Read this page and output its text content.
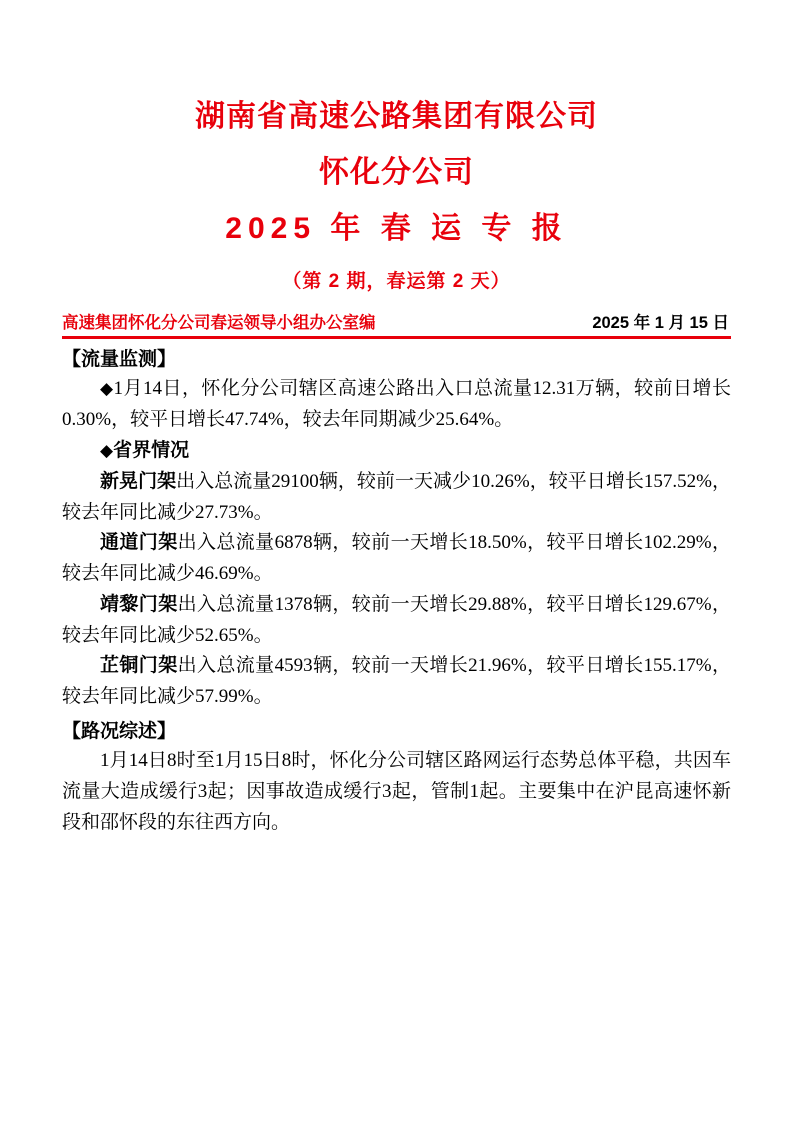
湖南省高速公路集团有限公司
怀化分公司
2025 年 春 运 专 报
（第 2 期，春运第 2 天）
高速集团怀化分公司春运领导小组办公室编	2025 年 1 月 15 日
【流量监测】

◆1月14日，怀化分公司辖区高速公路出入口总流量12.31万辆，较前日增长0.30%，较平日增长47.74%，较去年同期减少25.64%。

◆省界情况

新晃门架出入总流量29100辆，较前一天减少10.26%，较平日增长157.52%，较去年同比减少27.73%。

通道门架出入总流量6878辆，较前一天增长18.50%，较平日增长102.29%，较去年同比减少46.69%。

靖黎门架出入总流量1378辆，较前一天增长29.88%，较平日增长129.67%，较去年同比减少52.65%。

芷铜门架出入总流量4593辆，较前一天增长21.96%，较平日增长155.17%，较去年同比减少57.99%。

【路况综述】

1月14日8时至1月15日8时，怀化分公司辖区路网运行态势总体平稳，共因车流量大造成缓行3起；因事故造成缓行3起，管制1起。主要集中在沪昆高速怀新段和邵怀段的东往西方向。
